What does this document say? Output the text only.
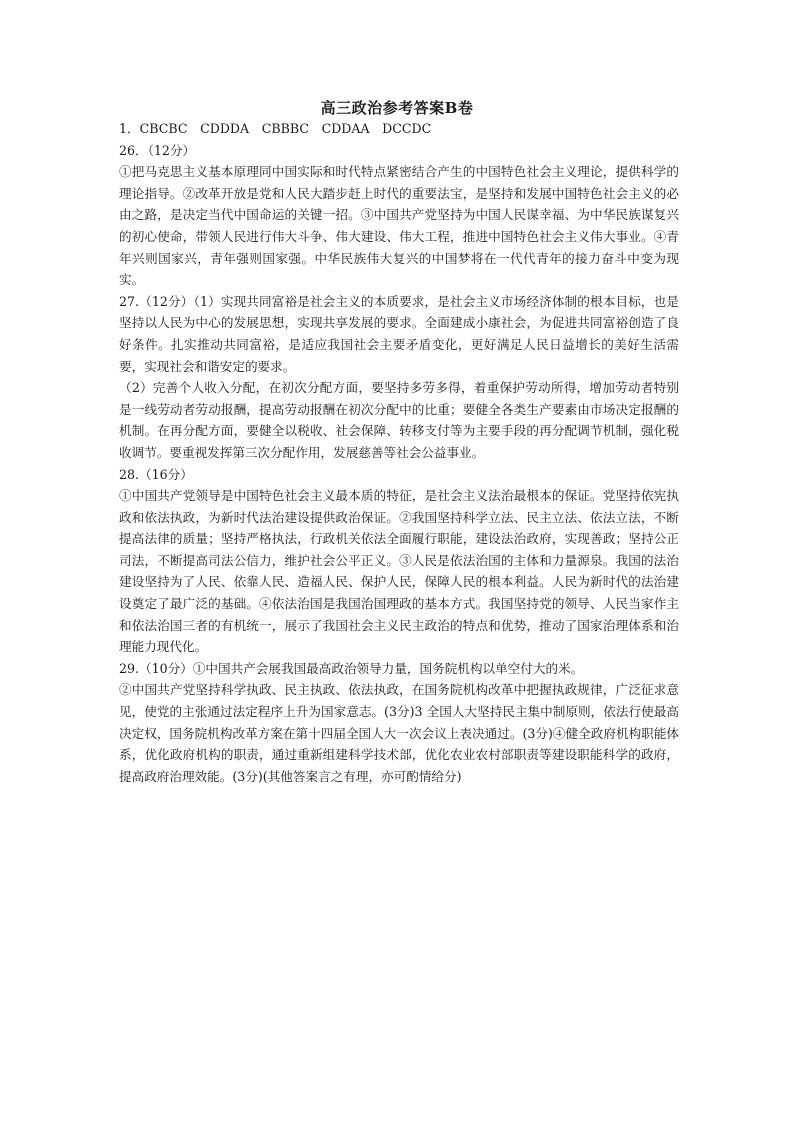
高三政治参考答案B卷

1．CBCBC　CDDDA　CBBBC　CDDAA　DCCDC

26．（12分）

①把马克思主义基本原理同中国实际和时代特点紧密结合产生的中国特色社会主义理论，提供科学的理论指导。②改革开放是党和人民大踏步赶上时代的重要法宝，是坚持和发展中国特色社会主义的必由之路，是决定当代中国命运的关键一招。③中国共产党坚持为中国人民谋幸福、为中华民族谋复兴的初心使命，带领人民进行伟大斗争、伟大建设、伟大工程，推进中国特色社会主义伟大事业。④青年兴则国家兴，青年强则国家强。中华民族伟大复兴的中国梦将在一代代青年的接力奋斗中变为现实。

27.（12分）（1）实现共同富裕是社会主义的本质要求，是社会主义市场经济体制的根本目标，也是坚持以人民为中心的发展思想，实现共享发展的要求。全面建成小康社会，为促进共同富裕创造了良好条件。扎实推动共同富裕，是适应我国社会主要矛盾变化，更好满足人民日益增长的美好生活需要，实现社会和谐安定的要求。

（2）完善个人收入分配，在初次分配方面，要坚持多劳多得，着重保护劳动所得，增加劳动者特别是一线劳动者劳动报酬，提高劳动报酬在初次分配中的比重；要健全各类生产要素由市场决定报酬的机制。在再分配方面，要健全以税收、社会保障、转移支付等为主要手段的再分配调节机制，强化税收调节。要重视发挥第三次分配作用，发展慈善等社会公益事业。

28.（16分）

①中国共产党领导是中国特色社会主义最本质的特征，是社会主义法治最根本的保证。党坚持依宪执政和依法执政，为新时代法治建设提供政治保证。②我国坚持科学立法、民主立法、依法立法，不断提高法律的质量；坚持严格执法，行政机关依法全面履行职能，建设法治政府，实现善政；坚持公正司法，不断提高司法公信力，维护社会公平正义。③人民是依法治国的主体和力量源泉。我国的法治建设坚持为了人民、依靠人民、造福人民、保护人民，保障人民的根本利益。人民为新时代的法治建设奠定了最广泛的基础。④依法治国是我国治国理政的基本方式。我国坚持党的领导、人民当家作主和依法治国三者的有机统一，展示了我国社会主义民主政治的特点和优势，推动了国家治理体系和治理能力现代化。

29.（10分）①中国共产会展我国最高政治领导力量，国务院机构以单空付大的米。

②中国共产党坚持科学执政、民主执政、依法执政，在国务院机构改革中把握执政规律，广泛征求意见，使党的主张通过法定程序上升为国家意志。(3分)3 全国人大坚持民主集中制原则，依法行使最高决定权，国务院机构改革方案在第十四届全国人大一次会议上表决通过。(3分)④健全政府机构职能体系，优化政府机构的职责，通过重新组建科学技术部，优化农业农村部职责等建设职能科学的政府，提高政府治理效能。(3分)(其他答案言之有理，亦可酌情给分)
